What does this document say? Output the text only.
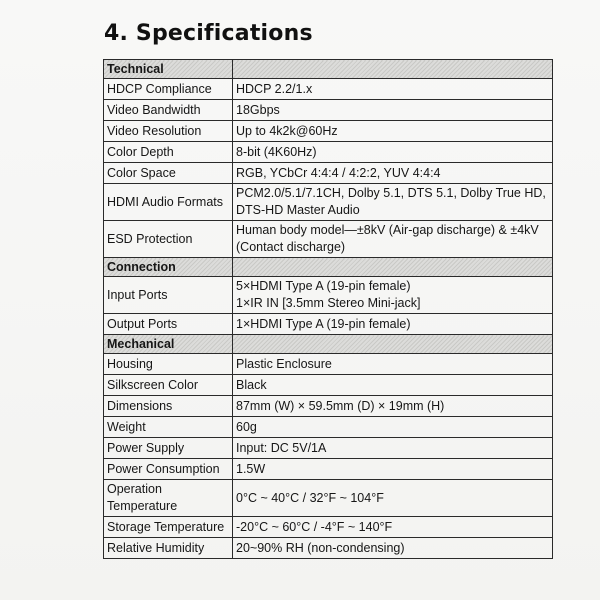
4. Specifications
Technical	
HDCP Compliance	HDCP 2.2/1.x
Video Bandwidth	18Gbps
Video Resolution	Up to 4k2k@60Hz
Color Depth	8-bit (4K60Hz)
Color Space	RGB, YCbCr 4:4:4 / 4:2:2, YUV 4:4:4
HDMI Audio Formats	PCM2.0/5.1/7.1CH, Dolby 5.1, DTS 5.1, Dolby True HD, DTS-HD Master Audio
ESD Protection	Human body model—±8kV (Air-gap discharge) & ±4kV (Contact discharge)
Connection	
Input Ports	5×HDMI Type A (19-pin female)
1×IR IN [3.5mm Stereo Mini-jack]

Output Ports	1×HDMI Type A (19-pin female)
Mechanical	
Housing	Plastic Enclosure
Silkscreen Color	Black
Dimensions	87mm (W) × 59.5mm (D) × 19mm (H)
Weight	60g
Power Supply	Input: DC 5V/1A
Power Consumption	1.5W
Operation Temperature	0°C ~ 40°C / 32°F ~ 104°F
Storage Temperature	-20°C ~ 60°C / -4°F ~ 140°F
Relative Humidity	20~90% RH (non-condensing)
